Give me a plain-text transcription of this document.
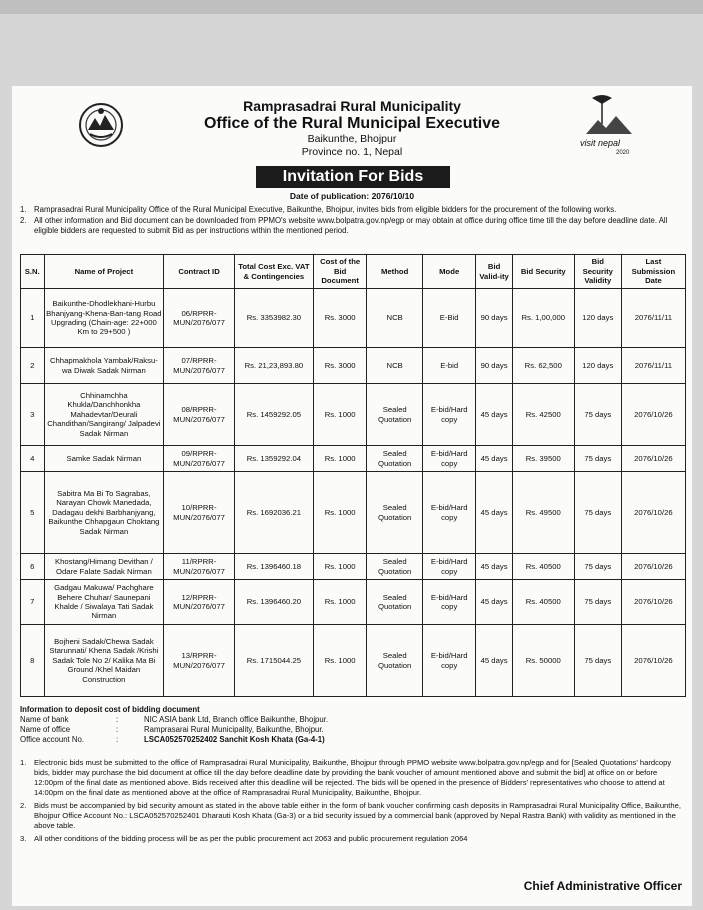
Ramprasadrai Rural Municipality
Office of the Rural Municipal Executive
Baikunthe, Bhojpur
Province no. 1, Nepal
visit nepal
2020
Invitation For Bids
Date of publication: 2076/10/10
1. Ramprasadrai Rural Municipality Office of the Rural Municipal Executive, Baikunthe, Bhojpur, invites bids from eligible bidders for the procurement of the following works.
2. All other information and Bid document can be downloaded from PPMO's website www.bolpatra.gov.np/egp or may obtain at office during office time till the day before deadline date. All eligible bidders are requested to submit Bid as per instructions within the mentioned period.
S.N.	Name of Project	Contract ID	Total Cost Exc. VAT & Contingencies	Cost of the Bid Document	Method	Mode	Bid Valid-ity	Bid Security	Bid Security Validity	Last Submission Date
1	Baikunthe-Dhodlekhani-Hurbu Bhanjyang-Khena-Ban-tang Road Upgrading (Chain-age: 22+000 Km to 29+500 )	06/RPRR-MUN/2076/077	Rs. 3353982.30	Rs. 3000	NCB	E-Bid	90 days	Rs. 1,00,000	120 days	2076/11/11
2	Chhapmakhola Yambak/Raksu-wa Diwak Sadak Nirman	07/RPRR-MUN/2076/077	Rs. 21,23,893.80	Rs. 3000	NCB	E-bid	90 days	Rs. 62,500	120 days	2076/11/11
3	Chhinamchha Khukla/Danchhonkha Mahadevtar/Deurali Chandithan/Sangirang/ Jalpadevi Sadak Nirman	08/RPRR-MUN/2076/077	Rs. 1459292.05	Rs. 1000	Sealed Quotation	E-bid/Hard copy	45 days	Rs. 42500	75 days	2076/10/26
4	Samke Sadak Nirman	09/RPRR-MUN/2076/077	Rs. 1359292.04	Rs. 1000	Sealed Quotation	E-bid/Hard copy	45 days	Rs. 39500	75 days	2076/10/26
5	Sabitra Ma Bi To Sagrabas, Narayan Chowk Manedada, Dadagau dekhi Barbhanjyang, Baikunthe Chhapgaun Choktang Sadak Nirman	10/RPRR-MUN/2076/077	Rs. 1692036.21	Rs. 1000	Sealed Quotation	E-bid/Hard copy	45 days	Rs. 49500	75 days	2076/10/26
6	Khostang/Himang Devithan / Odare Falate Sadak Nirman	11/RPRR-MUN/2076/077	Rs. 1396460.18	Rs. 1000	Sealed Quotation	E-bid/Hard copy	45 days	Rs. 40500	75 days	2076/10/26
7	Gadgau Makuwa/ Pachghare Behere Chuhar/ Saunepani Khalde / Siwalaya Tati Sadak Nirman	12/RPRR-MUN/2076/077	Rs. 1396460.20	Rs. 1000	Sealed Quotation	E-bid/Hard copy	45 days	Rs. 40500	75 days	2076/10/26
8	Bojheni Sadak/Chewa Sadak Starunnati/ Khena Sadak /Krishi Sadak Tole No 2/ Kalika Ma Bi Ground /Khel Maidan Construction	13/RPRR-MUN/2076/077	Rs. 1715044.25	Rs. 1000	Sealed Quotation	E-bid/Hard copy	45 days	Rs. 50000	75 days	2076/10/26
Information to deposit cost of bidding document
Name of bank	:	NIC ASIA bank Ltd, Branch office Baikunthe, Bhojpur.
Name of office	:	Ramprasarai Rural Municipality, Baikunthe, Bhojpur.
Office account No.	:	LSCA052570252402 Sanchit Kosh Khata (Ga-4-1)
1.	Electronic bids must be submitted to the office of Ramprasadrai Rural Municipality, Baikunthe, Bhojpur through PPMO website www.bolpatra.gov.np/egp and for [Sealed Quotations' hardcopy bids, bidder may purchase the bid document at office till the day before deadline date by providing the bank voucher of amount mentioned above and submit the bid] at office on or before 12:00pm of the final date as mentioned above. Bids received after this deadline will be rejected. The bids will be opened in the presence of Bidders' representatives who choose to attend at 14:00pm on the final date as mentioned above at the office of Ramprasadrai Rural Municipality, Baikunthe, Bhojpur.
2.	Bids must be accompanied by bid security amount as stated in the above table either in the form of bank voucher confirming cash deposits in Ramprasadrai Rural Municipality Office, Baikunthe, Bhojpur Office Account No.: LSCA052570252401 Dharauti Kosh Khata (Ga-3) or a bid security issued by a commercial bank (approved by Nepal Rastra Bank) with validity as mentioned in the above table.
3.	All other conditions of the bidding process will be as per the public procurement act 2063 and public procurement regulation 2064
Chief Administrative Officer
